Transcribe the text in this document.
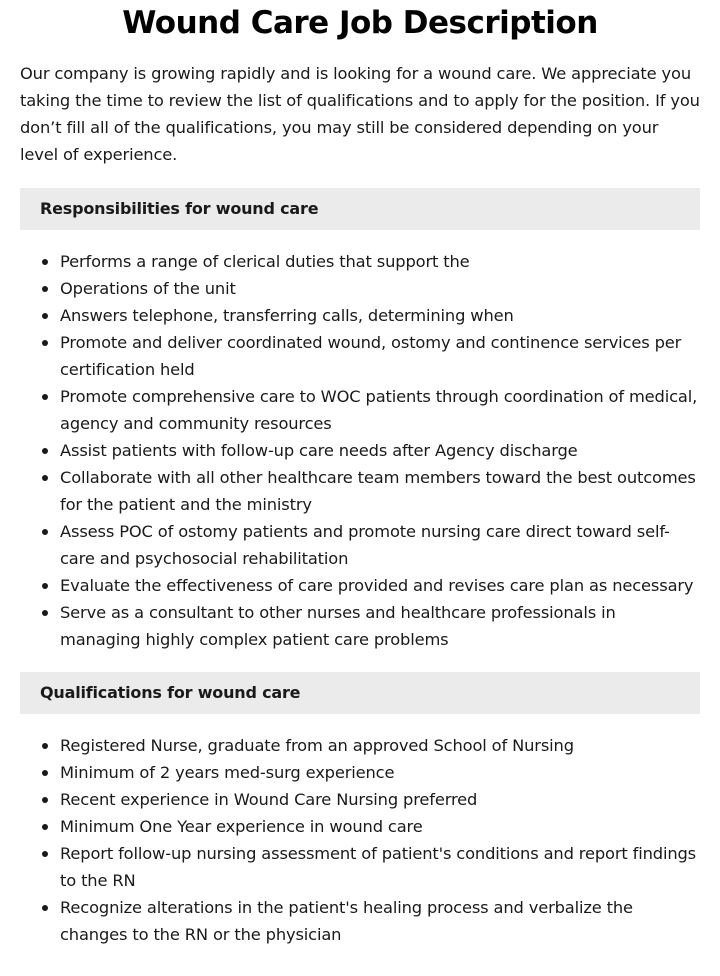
Wound Care Job Description

Our company is growing rapidly and is looking for a wound care. We appreciate you taking the time to review the list of qualifications and to apply for the position. If you don’t fill all of the qualifications, you may still be considered depending on your level of experience.

Responsibilities for wound care
Performs a range of clerical duties that support the
Operations of the unit
Answers telephone, transferring calls, determining when
Promote and deliver coordinated wound, ostomy and continence services per certification held
Promote comprehensive care to WOC patients through coordination of medical, agency and community resources
Assist patients with follow-up care needs after Agency discharge
Collaborate with all other healthcare team members toward the best outcomes for the patient and the ministry
Assess POC of ostomy patients and promote nursing care direct toward self-care and psychosocial rehabilitation
Evaluate the effectiveness of care provided and revises care plan as necessary
Serve as a consultant to other nurses and healthcare professionals in managing highly complex patient care problems
Qualifications for wound care
Registered Nurse, graduate from an approved School of Nursing
Minimum of 2 years med-surg experience
Recent experience in Wound Care Nursing preferred
Minimum One Year experience in wound care
Report follow-up nursing assessment of patient's conditions and report findings to the RN
Recognize alterations in the patient's healing process and verbalize the changes to the RN or the physician
